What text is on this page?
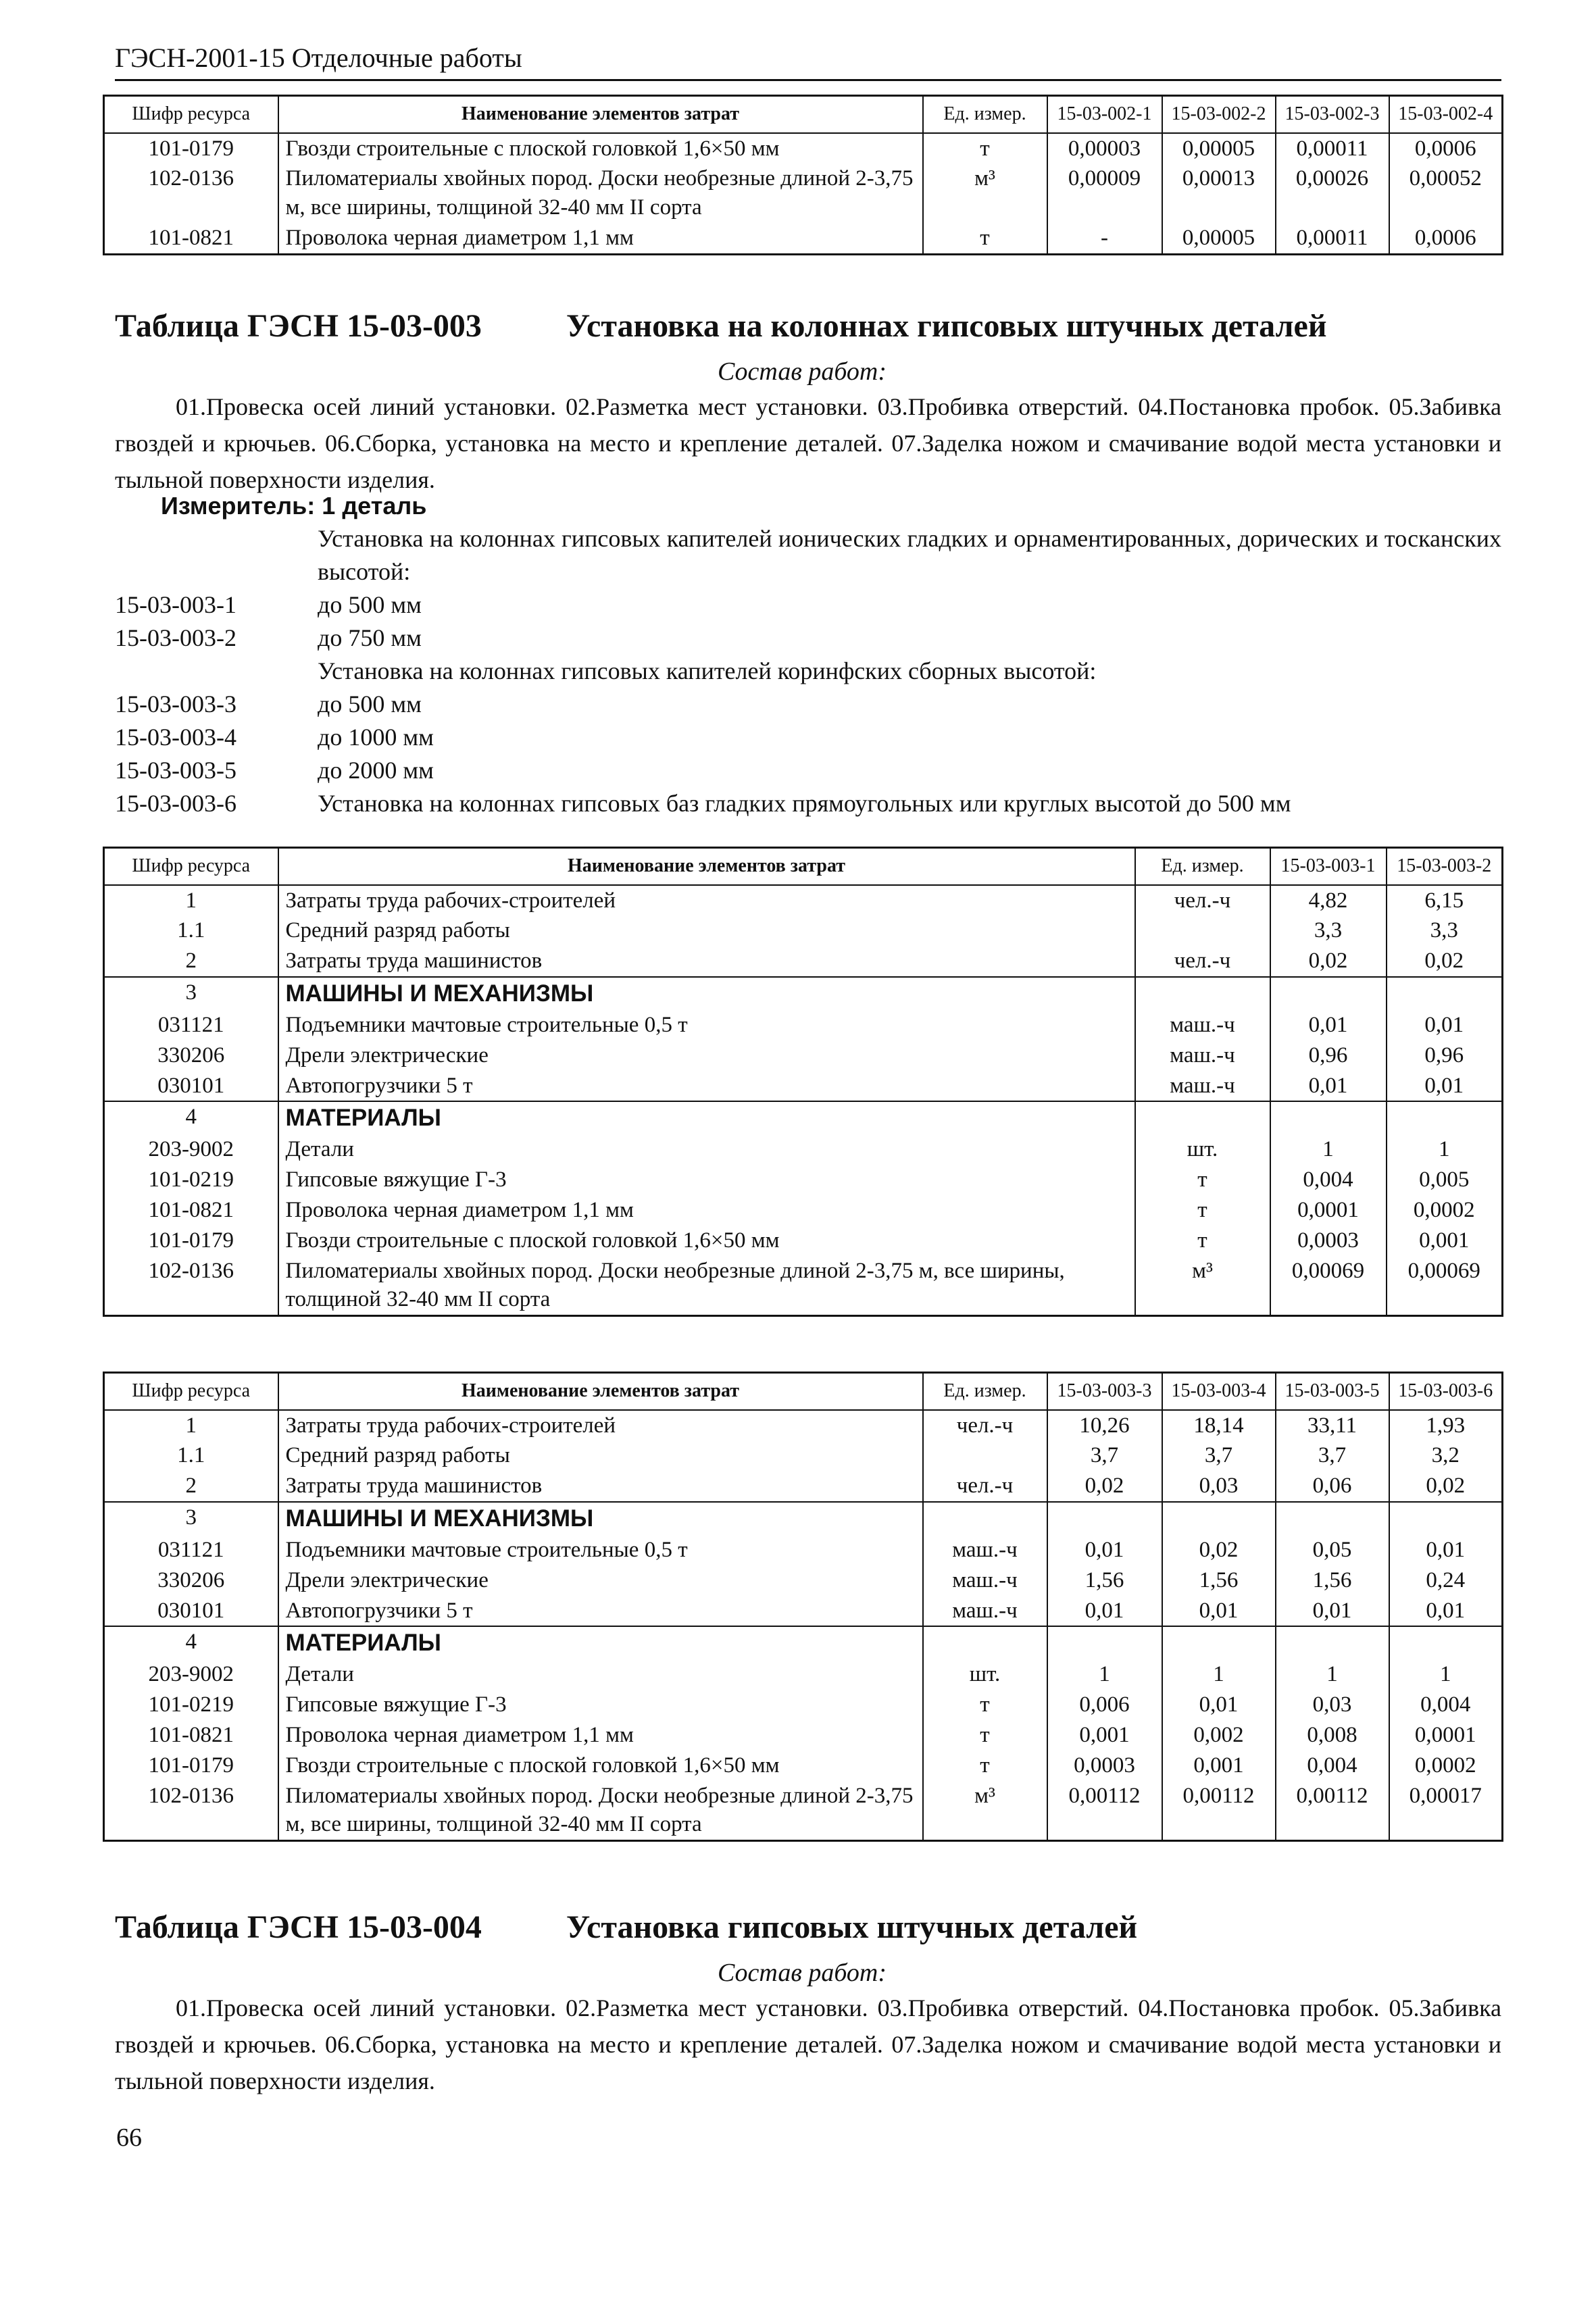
ГЭСН-2001-15 Отделочные работы
Шифр ресурса	Наименование элементов затрат	Ед. измер.	15-03-002-1	15-03-002-2	15-03-002-3	15-03-002-4
101-0179	Гвозди строительные с плоской головкой 1,6×50 мм	т	0,00003	0,00005	0,00011	0,0006
102-0136	Пиломатериалы хвойных пород. Доски необрезные длиной 2-3,75 м, все ширины, толщиной 32-40 мм II сорта	м³	0,00009	0,00013	0,00026	0,00052
101-0821	Проволока черная диаметром 1,1 мм	т	-	0,00005	0,00011	0,0006
Таблица ГЭСН 15-03-003	Установка на колоннах гипсовых штучных деталей
Состав работ:
01.Провеска осей линий установки. 02.Разметка мест установки. 03.Пробивка отверстий. 04.Постановка пробок. 05.Забивка гвоздей и крючьев. 06.Сборка, установка на место и крепление деталей. 07.Заделка ножом и смачивание водой места установки и тыльной поверхности изделия.
Измеритель: 1 деталь
Установка на колоннах гипсовых капителей ионических гладких и орнаментированных, дорических и тосканских высотой:
15-03-003-1	до 500 мм
15-03-003-2	до 750 мм
Установка на колоннах гипсовых капителей коринфских сборных высотой:
15-03-003-3	до 500 мм
15-03-003-4	до 1000 мм
15-03-003-5	до 2000 мм
15-03-003-6	Установка на колоннах гипсовых баз гладких прямоугольных или круглых высотой до 500 мм
Шифр ресурса	Наименование элементов затрат	Ед. измер.	15-03-003-1	15-03-003-2
1	Затраты труда рабочих-строителей	чел.-ч	4,82	6,15
1.1	Средний разряд работы		3,3	3,3
2	Затраты труда машинистов	чел.-ч	0,02	0,02
3	МАШИНЫ И МЕХАНИЗМЫ			
031121	Подъемники мачтовые строительные 0,5 т	маш.-ч	0,01	0,01
330206	Дрели электрические	маш.-ч	0,96	0,96
030101	Автопогрузчики 5 т	маш.-ч	0,01	0,01
4	МАТЕРИАЛЫ			
203-9002	Детали	шт.	1	1
101-0219	Гипсовые вяжущие Г-3	т	0,004	0,005
101-0821	Проволока черная диаметром 1,1 мм	т	0,0001	0,0002
101-0179	Гвозди строительные с плоской головкой 1,6×50 мм	т	0,0003	0,001
102-0136	Пиломатериалы хвойных пород. Доски необрезные длиной 2-3,75 м, все ширины, толщиной 32-40 мм II сорта	м³	0,00069	0,00069
Шифр ресурса	Наименование элементов затрат	Ед. измер.	15-03-003-3	15-03-003-4	15-03-003-5	15-03-003-6
1	Затраты труда рабочих-строителей	чел.-ч	10,26	18,14	33,11	1,93
1.1	Средний разряд работы		3,7	3,7	3,7	3,2
2	Затраты труда машинистов	чел.-ч	0,02	0,03	0,06	0,02
3	МАШИНЫ И МЕХАНИЗМЫ					
031121	Подъемники мачтовые строительные 0,5 т	маш.-ч	0,01	0,02	0,05	0,01
330206	Дрели электрические	маш.-ч	1,56	1,56	1,56	0,24
030101	Автопогрузчики 5 т	маш.-ч	0,01	0,01	0,01	0,01
4	МАТЕРИАЛЫ					
203-9002	Детали	шт.	1	1	1	1
101-0219	Гипсовые вяжущие Г-3	т	0,006	0,01	0,03	0,004
101-0821	Проволока черная диаметром 1,1 мм	т	0,001	0,002	0,008	0,0001
101-0179	Гвозди строительные с плоской головкой 1,6×50 мм	т	0,0003	0,001	0,004	0,0002
102-0136	Пиломатериалы хвойных пород. Доски необрезные длиной 2-3,75 м, все ширины, толщиной 32-40 мм II сорта	м³	0,00112	0,00112	0,00112	0,00017
Таблица ГЭСН 15-03-004	Установка гипсовых штучных деталей
Состав работ:
01.Провеска осей линий установки. 02.Разметка мест установки. 03.Пробивка отверстий. 04.Постановка пробок. 05.Забивка гвоздей и крючьев. 06.Сборка, установка на место и крепление деталей. 07.Заделка ножом и смачивание водой места установки и тыльной поверхности изделия.
66
